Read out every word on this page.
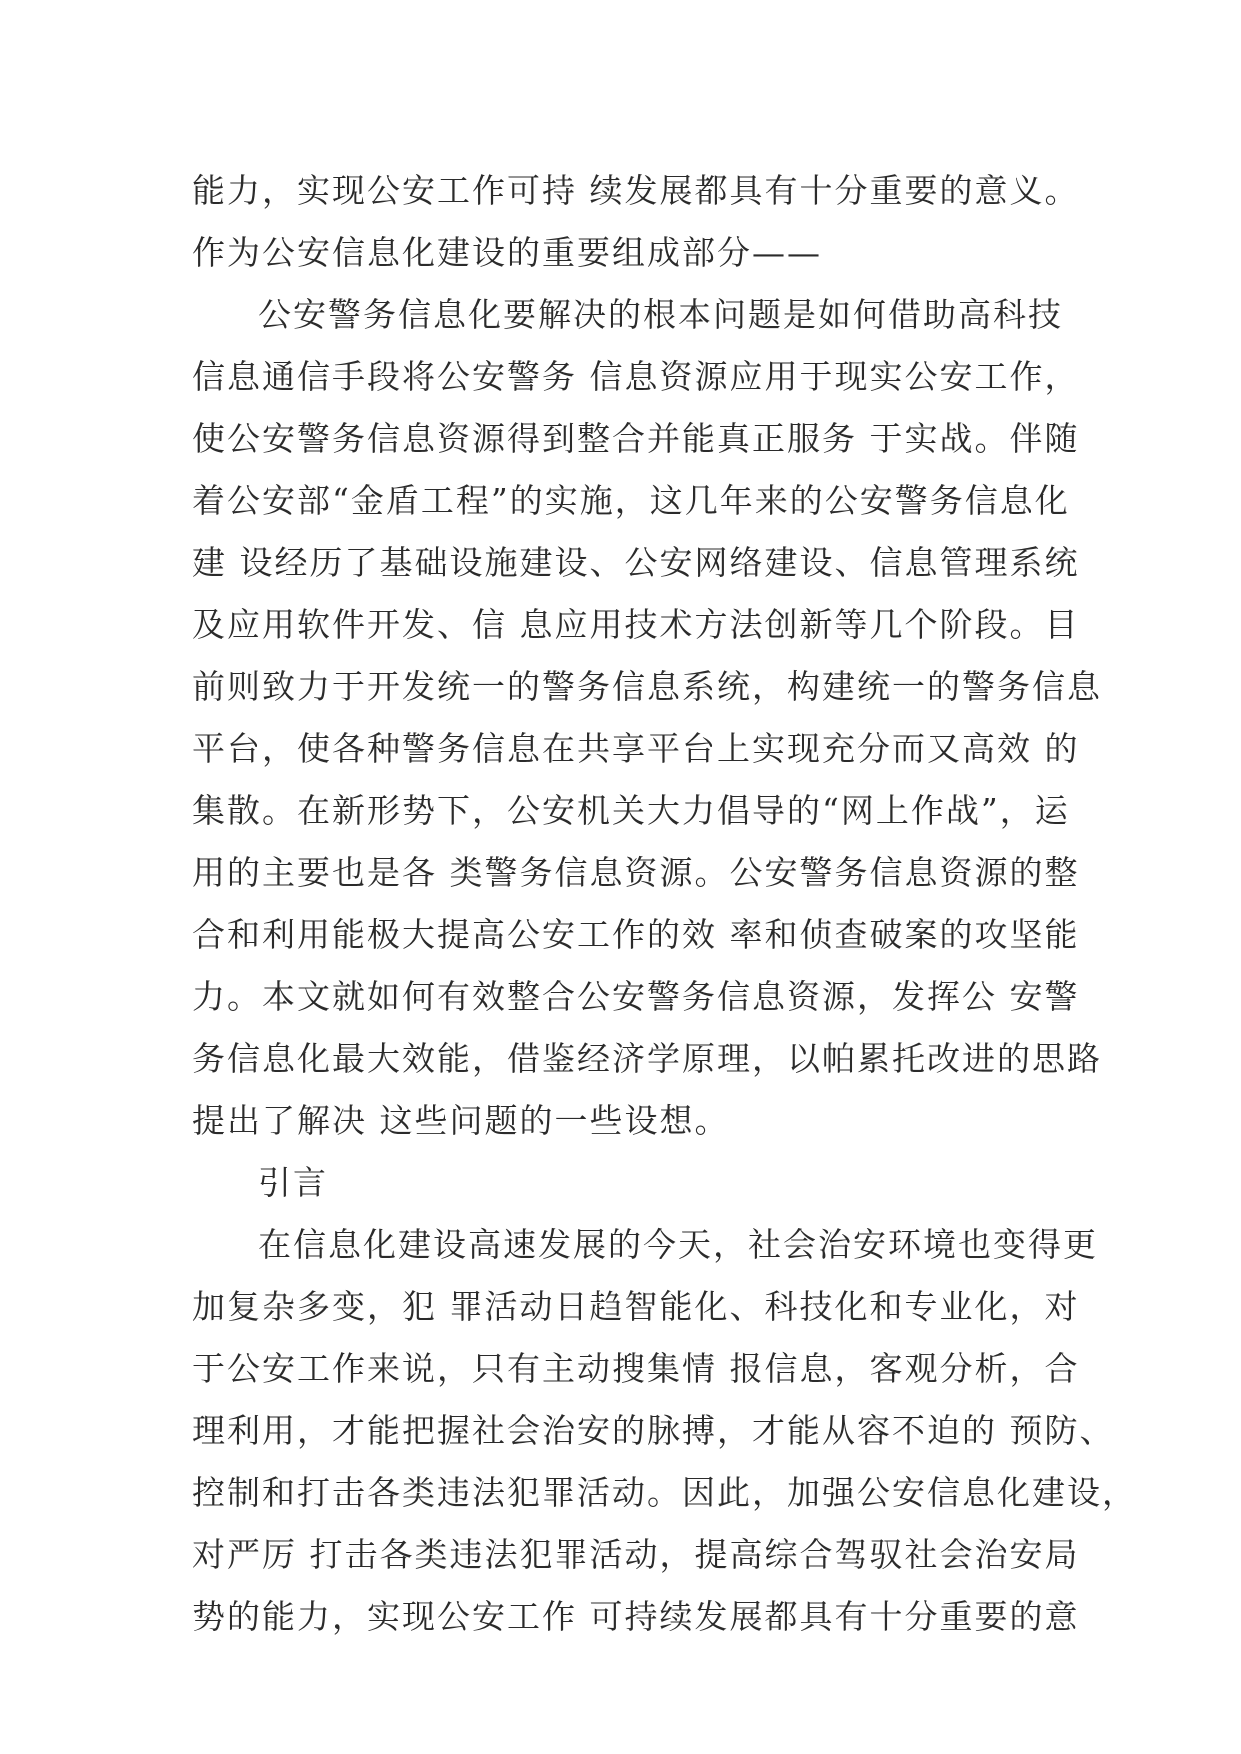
能力，实现公安工作可持 续发展都具有十分重要的意义。
作为公安信息化建设的重要组成部分——
公安警务信息化要解决的根本问题是如何借助高科技
信息通信手段将公安警务 信息资源应用于现实公安工作，
使公安警务信息资源得到整合并能真正服务 于实战。伴随
着公安部“金盾工程”的实施，这几年来的公安警务信息化
建 设经历了基础设施建设、公安网络建设、信息管理系统
及应用软件开发、信 息应用技术方法创新等几个阶段。目
前则致力于开发统一的警务信息系统，构建统一的警务信息
平台，使各种警务信息在共享平台上实现充分而又高效 的
集散。在新形势下，公安机关大力倡导的“网上作战”，运
用的主要也是各 类警务信息资源。公安警务信息资源的整
合和利用能极大提高公安工作的效 率和侦查破案的攻坚能
力。本文就如何有效整合公安警务信息资源，发挥公 安警
务信息化最大效能，借鉴经济学原理，以帕累托改进的思路
提出了解决 这些问题的一些设想。
引言
在信息化建设高速发展的今天，社会治安环境也变得更
加复杂多变，犯 罪活动日趋智能化、科技化和专业化，对
于公安工作来说，只有主动搜集情 报信息，客观分析，合
理利用，才能把握社会治安的脉搏，才能从容不迫的 预防、
控制和打击各类违法犯罪活动。因此，加强公安信息化建设，
对严厉 打击各类违法犯罪活动，提高综合驾驭社会治安局
势的能力，实现公安工作 可持续发展都具有十分重要的意
